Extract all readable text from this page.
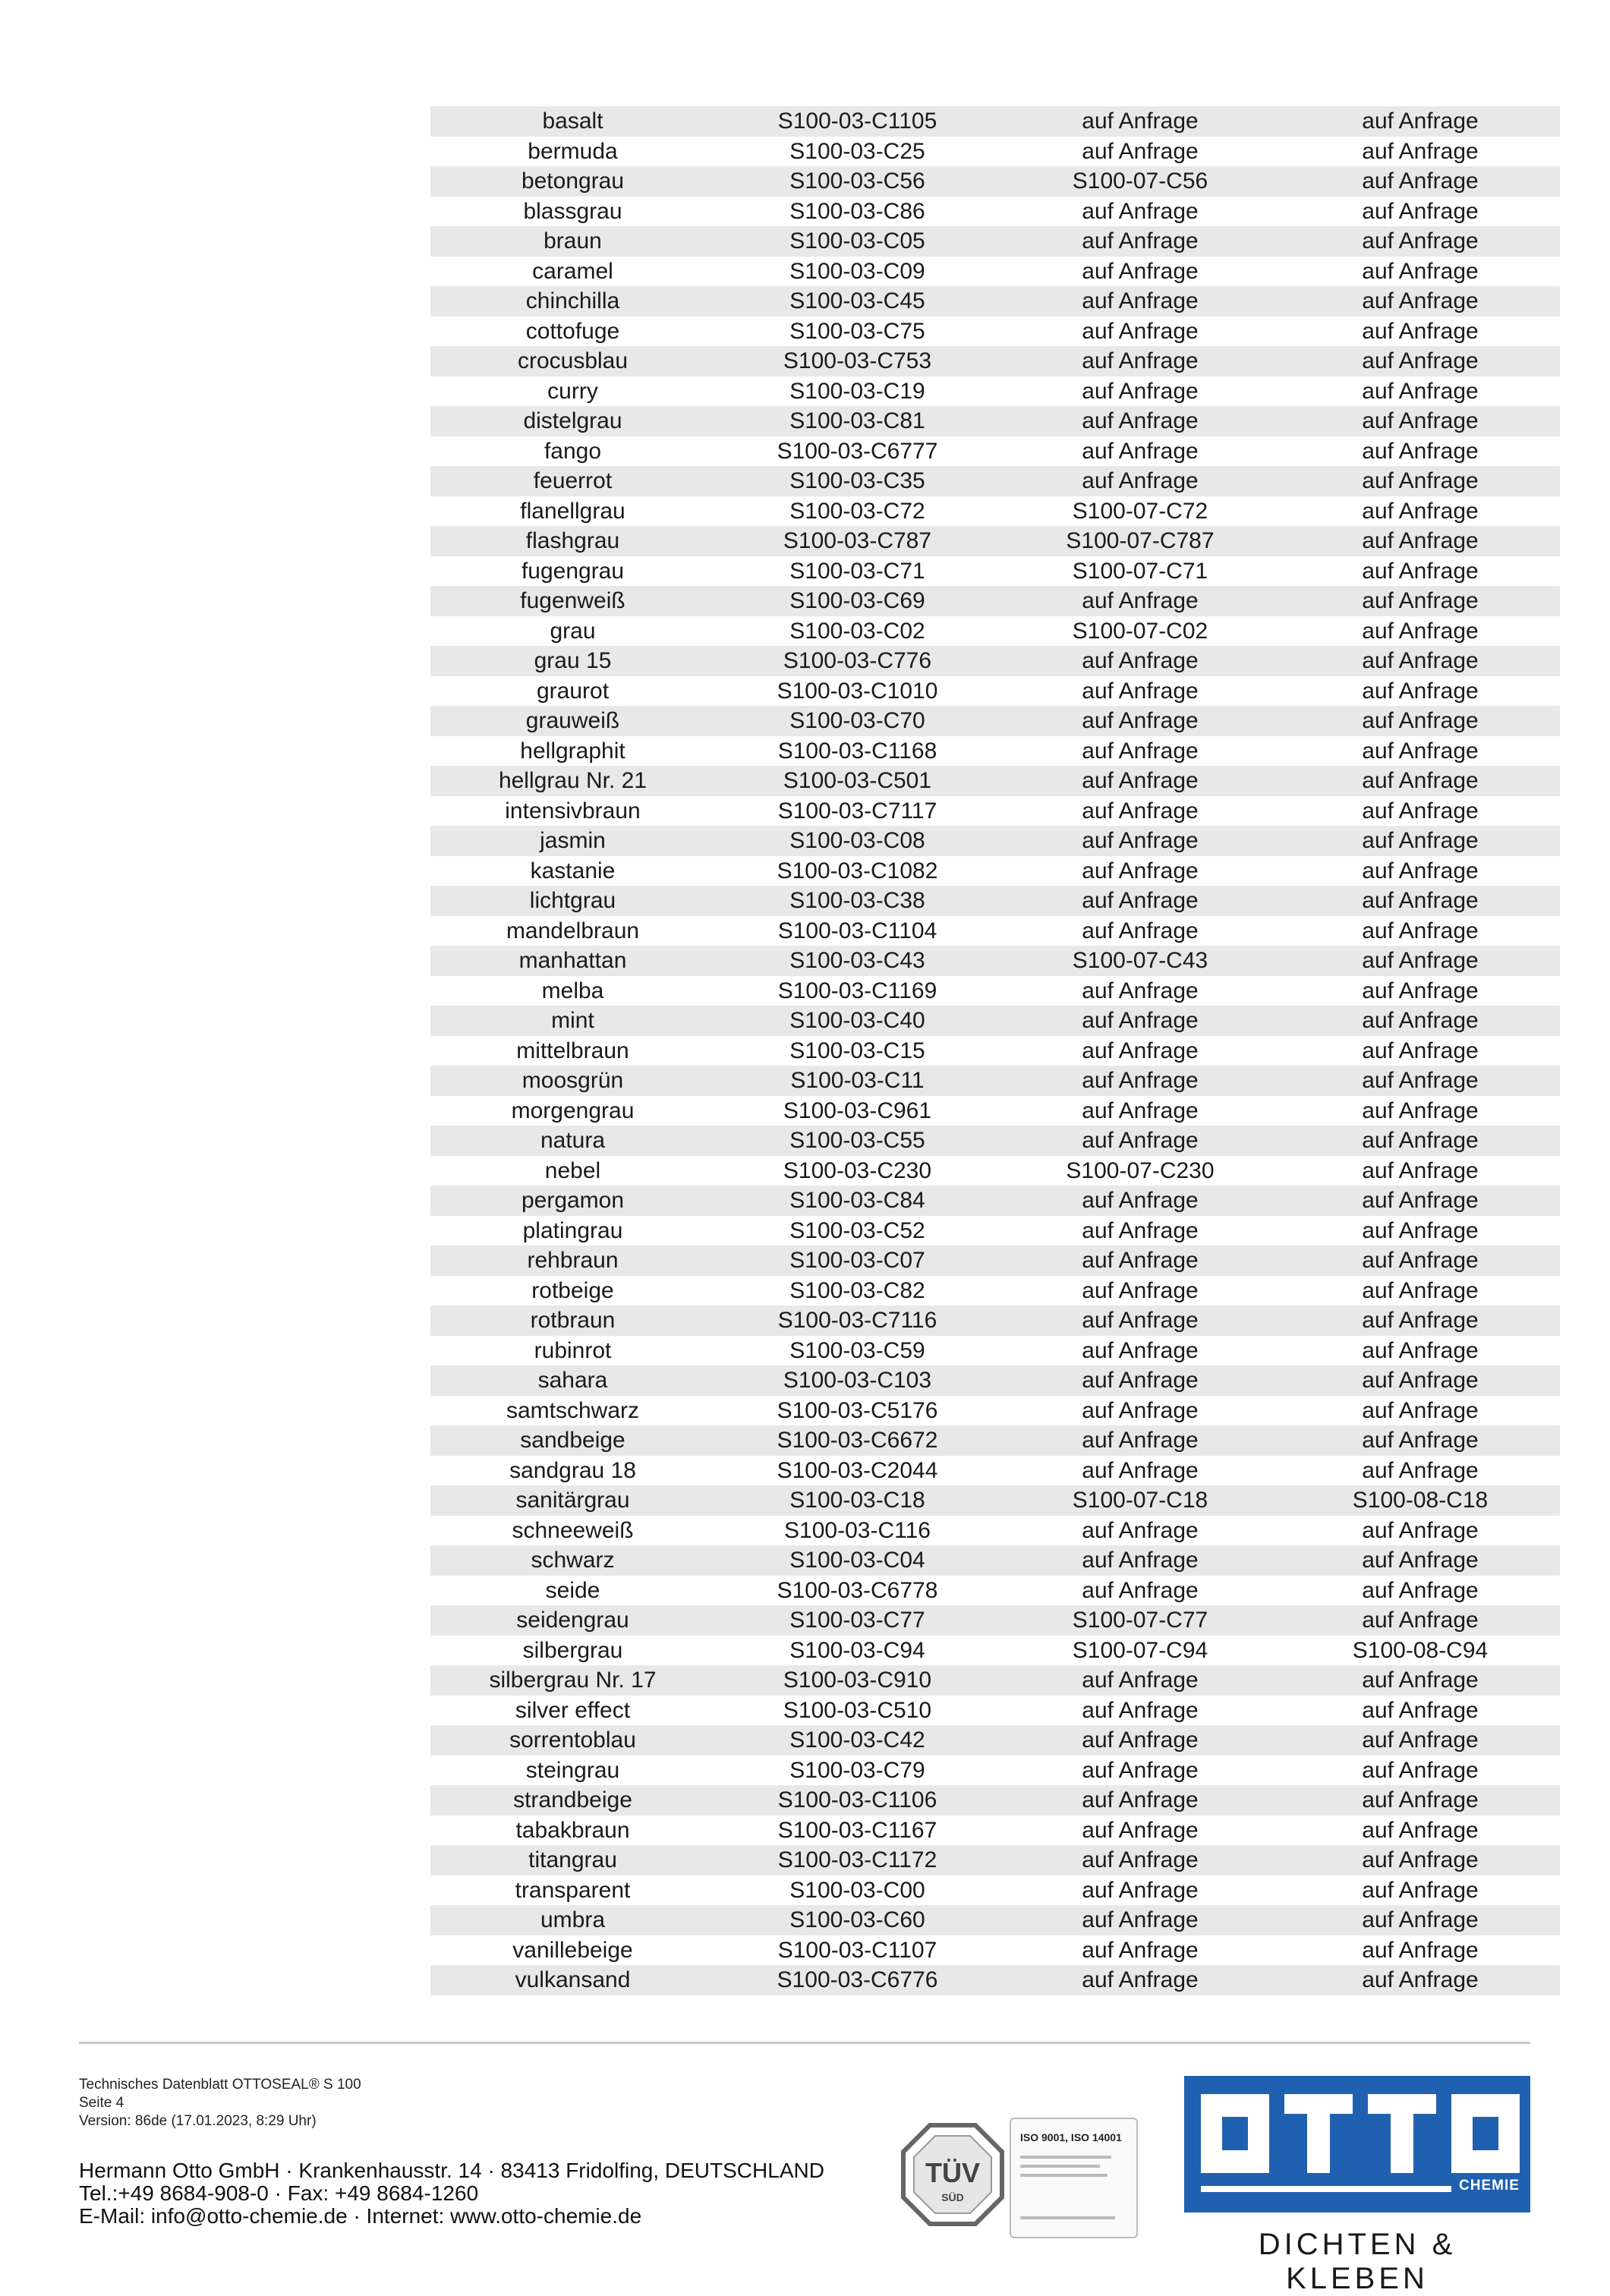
basalt	S100-03-C1105	auf Anfrage	auf Anfrage
bermuda	S100-03-C25	auf Anfrage	auf Anfrage
betongrau	S100-03-C56	S100-07-C56	auf Anfrage
blassgrau	S100-03-C86	auf Anfrage	auf Anfrage
braun	S100-03-C05	auf Anfrage	auf Anfrage
caramel	S100-03-C09	auf Anfrage	auf Anfrage
chinchilla	S100-03-C45	auf Anfrage	auf Anfrage
cottofuge	S100-03-C75	auf Anfrage	auf Anfrage
crocusblau	S100-03-C753	auf Anfrage	auf Anfrage
curry	S100-03-C19	auf Anfrage	auf Anfrage
distelgrau	S100-03-C81	auf Anfrage	auf Anfrage
fango	S100-03-C6777	auf Anfrage	auf Anfrage
feuerrot	S100-03-C35	auf Anfrage	auf Anfrage
flanellgrau	S100-03-C72	S100-07-C72	auf Anfrage
flashgrau	S100-03-C787	S100-07-C787	auf Anfrage
fugengrau	S100-03-C71	S100-07-C71	auf Anfrage
fugenweiß	S100-03-C69	auf Anfrage	auf Anfrage
grau	S100-03-C02	S100-07-C02	auf Anfrage
grau 15	S100-03-C776	auf Anfrage	auf Anfrage
graurot	S100-03-C1010	auf Anfrage	auf Anfrage
grauweiß	S100-03-C70	auf Anfrage	auf Anfrage
hellgraphit	S100-03-C1168	auf Anfrage	auf Anfrage
hellgrau Nr. 21	S100-03-C501	auf Anfrage	auf Anfrage
intensivbraun	S100-03-C7117	auf Anfrage	auf Anfrage
jasmin	S100-03-C08	auf Anfrage	auf Anfrage
kastanie	S100-03-C1082	auf Anfrage	auf Anfrage
lichtgrau	S100-03-C38	auf Anfrage	auf Anfrage
mandelbraun	S100-03-C1104	auf Anfrage	auf Anfrage
manhattan	S100-03-C43	S100-07-C43	auf Anfrage
melba	S100-03-C1169	auf Anfrage	auf Anfrage
mint	S100-03-C40	auf Anfrage	auf Anfrage
mittelbraun	S100-03-C15	auf Anfrage	auf Anfrage
moosgrün	S100-03-C11	auf Anfrage	auf Anfrage
morgengrau	S100-03-C961	auf Anfrage	auf Anfrage
natura	S100-03-C55	auf Anfrage	auf Anfrage
nebel	S100-03-C230	S100-07-C230	auf Anfrage
pergamon	S100-03-C84	auf Anfrage	auf Anfrage
platingrau	S100-03-C52	auf Anfrage	auf Anfrage
rehbraun	S100-03-C07	auf Anfrage	auf Anfrage
rotbeige	S100-03-C82	auf Anfrage	auf Anfrage
rotbraun	S100-03-C7116	auf Anfrage	auf Anfrage
rubinrot	S100-03-C59	auf Anfrage	auf Anfrage
sahara	S100-03-C103	auf Anfrage	auf Anfrage
samtschwarz	S100-03-C5176	auf Anfrage	auf Anfrage
sandbeige	S100-03-C6672	auf Anfrage	auf Anfrage
sandgrau 18	S100-03-C2044	auf Anfrage	auf Anfrage
sanitärgrau	S100-03-C18	S100-07-C18	S100-08-C18
schneeweiß	S100-03-C116	auf Anfrage	auf Anfrage
schwarz	S100-03-C04	auf Anfrage	auf Anfrage
seide	S100-03-C6778	auf Anfrage	auf Anfrage
seidengrau	S100-03-C77	S100-07-C77	auf Anfrage
silbergrau	S100-03-C94	S100-07-C94	S100-08-C94
silbergrau Nr. 17	S100-03-C910	auf Anfrage	auf Anfrage
silver effect	S100-03-C510	auf Anfrage	auf Anfrage
sorrentoblau	S100-03-C42	auf Anfrage	auf Anfrage
steingrau	S100-03-C79	auf Anfrage	auf Anfrage
strandbeige	S100-03-C1106	auf Anfrage	auf Anfrage
tabakbraun	S100-03-C1167	auf Anfrage	auf Anfrage
titangrau	S100-03-C1172	auf Anfrage	auf Anfrage
transparent	S100-03-C00	auf Anfrage	auf Anfrage
umbra	S100-03-C60	auf Anfrage	auf Anfrage
vanillebeige	S100-03-C1107	auf Anfrage	auf Anfrage
vulkansand	S100-03-C6776	auf Anfrage	auf Anfrage
Technisches Datenblatt OTTOSEAL® S 100
Seite 4
Version: 86de (17.01.2023, 8:29 Uhr)
Hermann Otto GmbH · Krankenhausstr. 14 · 83413 Fridolfing, DEUTSCHLAND
Tel.:+49 8684-908-0 · Fax: +49 8684-1260
E-Mail: info@otto-chemie.de · Internet: www.otto-chemie.de
TÜV
SÜD
ISO 9001, ISO 14001
CHEMIE
DICHTEN & KLEBEN
